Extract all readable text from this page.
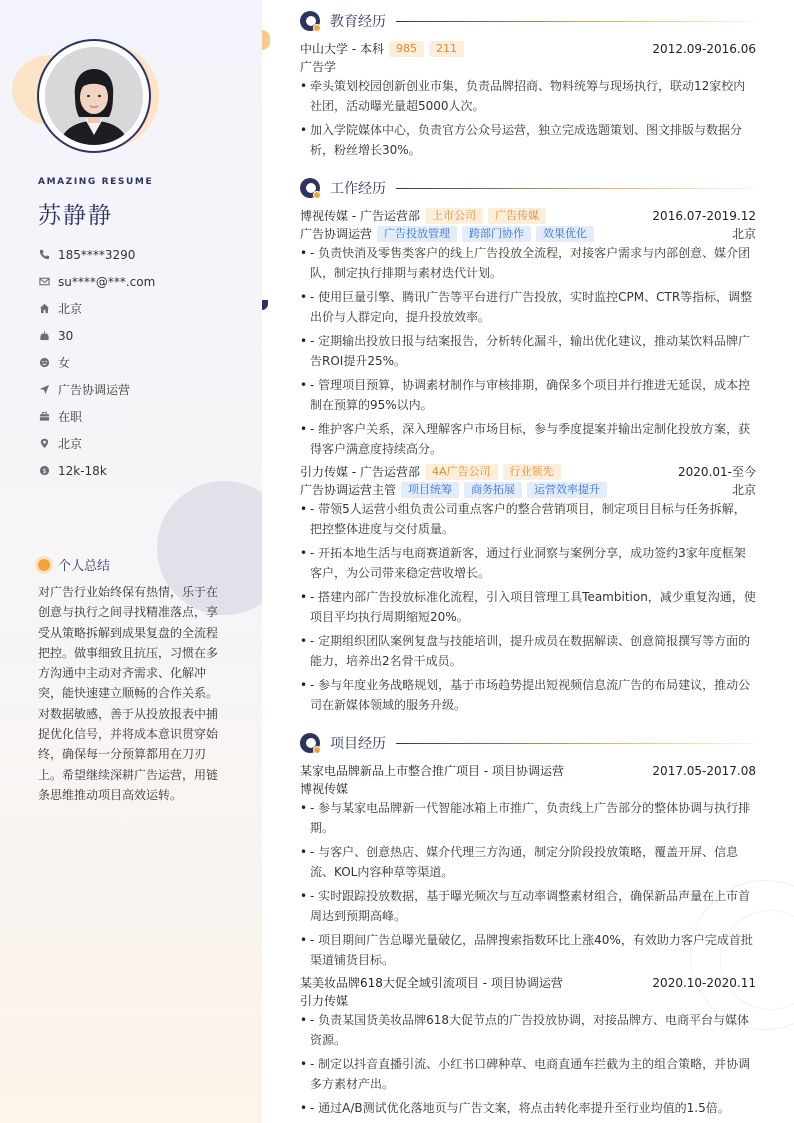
AMAZING RESUME
苏静静
185****3290
su****@***.com
北京
30
女
广告协调运营
在职
北京
$ 12k-18k
个人总结
对广告行业始终保有热情，乐于在创意与执行之间寻找精准落点，享受从策略拆解到成果复盘的全流程把控。做事细致且抗压，习惯在多方沟通中主动对齐需求、化解冲突，能快速建立顺畅的合作关系。对数据敏感，善于从投放报表中捕捉优化信号，并将成本意识贯穿始终，确保每一分预算都用在刀刃上。希望继续深耕广告运营，用链条思维推动项目高效运转。
教育经历
中山大学 - 本科	985	211	2012.09-2016.06
广告学
• 牵头策划校园创新创业市集，负责品牌招商、物料统筹与现场执行，联动12家校内社团，活动曝光量超5000人次。
• 加入学院媒体中心，负责官方公众号运营，独立完成选题策划、图文排版与数据分析，粉丝增长30%。
工作经历
博视传媒 - 广告运营部	上市公司	广告传媒	2016.07-2019.12
广告协调运营	广告投放管理	跨部门协作	效果优化	北京
• - 负责快消及零售类客户的线上广告投放全流程，对接客户需求与内部创意、媒介团队，制定执行排期与素材迭代计划。
• - 使用巨量引擎、腾讯广告等平台进行广告投放，实时监控CPM、CTR等指标，调整出价与人群定向，提升投放效率。
• - 定期输出投放日报与结案报告，分析转化漏斗，输出优化建议，推动某饮料品牌广告ROI提升25%。
• - 管理项目预算，协调素材制作与审核排期，确保多个项目并行推进无延误，成本控制在预算的95%以内。
• - 维护客户关系，深入理解客户市场目标，参与季度提案并输出定制化投放方案，获得客户满意度持续高分。
引力传媒 - 广告运营部	4A广告公司	行业领先	2020.01-至今
广告协调运营主管	项目统筹	商务拓展	运营效率提升	北京
• - 带领5人运营小组负责公司重点客户的整合营销项目，制定项目目标与任务拆解，把控整体进度与交付质量。
• - 开拓本地生活与电商赛道新客，通过行业洞察与案例分享，成功签约3家年度框架客户，为公司带来稳定营收增长。
• - 搭建内部广告投放标准化流程，引入项目管理工具Teambition，减少重复沟通，使项目平均执行周期缩短20%。
• - 定期组织团队案例复盘与技能培训，提升成员在数据解读、创意简报撰写等方面的能力，培养出2名骨干成员。
• - 参与年度业务战略规划，基于市场趋势提出短视频信息流广告的布局建议，推动公司在新媒体领域的服务升级。
项目经历
某家电品牌新品上市整合推广项目 - 项目协调运营	2017.05-2017.08
博视传媒
• - 参与某家电品牌新一代智能冰箱上市推广，负责线上广告部分的整体协调与执行排期。
• - 与客户、创意热店、媒介代理三方沟通，制定分阶段投放策略，覆盖开屏、信息流、KOL内容种草等渠道。
• - 实时跟踪投放数据，基于曝光频次与互动率调整素材组合，确保新品声量在上市首周达到预期高峰。
• - 项目期间广告总曝光量破亿，品牌搜索指数环比上涨40%，有效助力客户完成首批渠道铺货目标。
某美妆品牌618大促全域引流项目 - 项目协调运营	2020.10-2020.11
引力传媒
• - 负责某国货美妆品牌618大促节点的广告投放协调，对接品牌方、电商平台与媒体资源。
• - 制定以抖音直播引流、小红书口碑种草、电商直通车拦截为主的组合策略，并协调多方素材产出。
• - 通过A/B测试优化落地页与广告文案，将点击转化率提升至行业均值的1.5倍。
